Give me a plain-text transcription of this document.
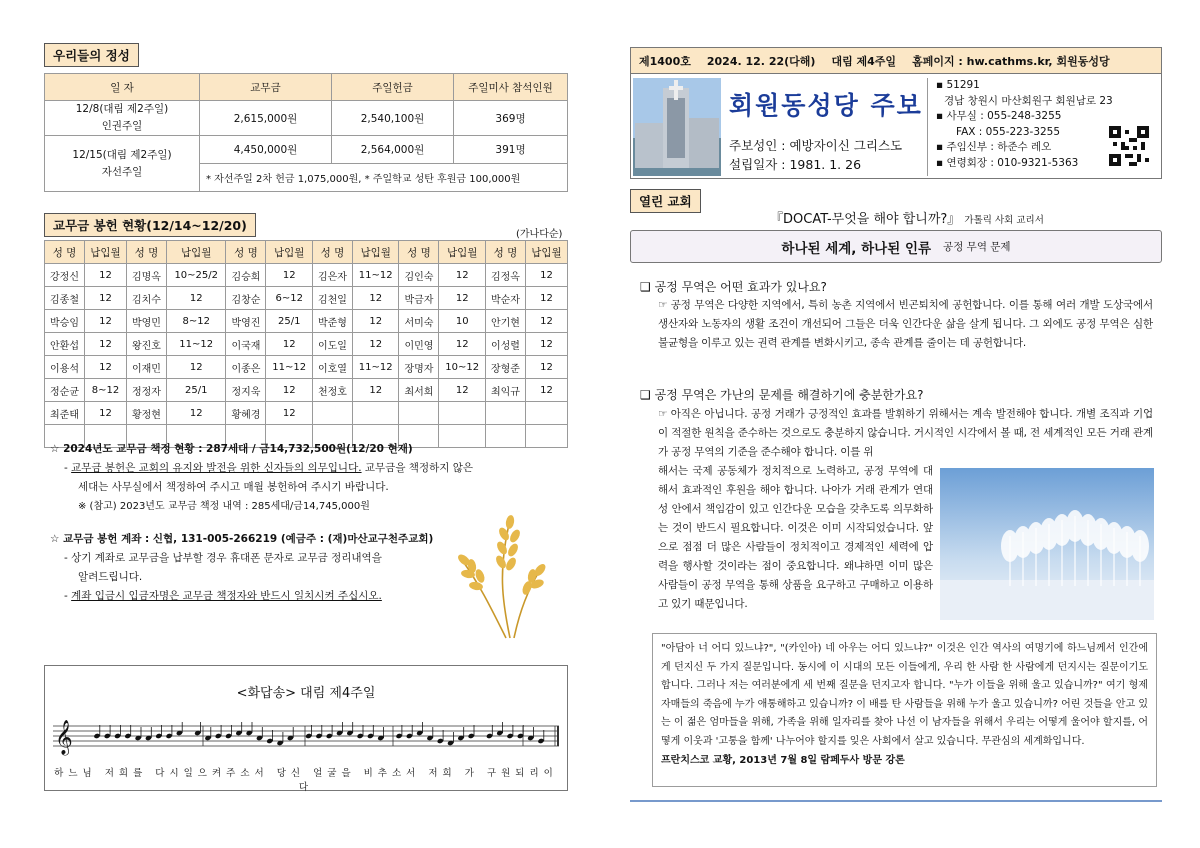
우리들의 정성
일 자	교무금	주일헌금	주일미사 참석인원

12/8(대림 제2주일)
인권주일	2,615,000원	2,540,100원	369명

12/15(대림 제2주일)
자선주일	4,450,000원	2,564,000원	391명
	* 자선주일 2차 헌금 1,075,000원, * 주일학교 성탄 후원금 100,000원		
교무금 봉헌 현황(12/14~12/20)
(가나다순)
성 명	납입월	성 명	납입월	성 명	납입월	성 명	납입월	성 명	납입월	성 명	납입월
강정신	12	김명옥	10~25/2	김승희	12	김은자	11~12	김인숙	12	김정옥	12
김종철	12	김치수	12	김창순	6~12	김천일	12	박금자	12	박순자	12
박승임	12	박영민	8~12	박영진	25/1	박준형	12	서미숙	10	안기현	12
안환섭	12	왕진호	11~12	이국재	12	이도일	12	이민영	12	이성렬	12
이용석	12	이재민	12	이종은	11~12	이호열	11~12	장명자	10~12	장형준	12
정순균	8~12	정정자	25/1	정지욱	12	천정호	12	최서희	12	최익규	12
최준태	12	황정현	12	황혜경	12						

☆ 2024년도 교무금 책정 현황 : 287세대 / 금14,732,500원(12/20 현재)
- 교무금 봉헌은 교회의 유지와 발전을 위한 신자들의 의무입니다. 교무금을 책정하지 않은
세대는 사무실에서 책정하여 주시고 매월 봉헌하여 주시기 바랍니다.
※ (참고) 2023년도 교무금 책정 내역 : 285세대/금14,745,000원
☆ 교무금 봉헌 계좌 : 신협, 131-005-266219 (예금주 : (재)마산교구천주교회)
- 상기 계좌로 교무금을 납부할 경우 휴대폰 문자로 교무금 정리내역을
알려드립니다.
- 계좌 입금시 입금자명은 교무금 책정자와 반드시 일치시켜 주십시오.
<화답송> 대림 제4주일
𝄞
하느님 저희를 다시일으켜주소서 당신 얼굴을 비추소서 저희 가 구원되리이 다
제1400호 2024. 12. 22(다해) 대림 제4주일 홈페이지 : hw.cathms.kr, 회원동성당
회원동성당 주보
주보성인 : 예방자이신 그리스도
설립일자 : 1981. 1. 26
▪ 51291
경남 창원시 마산회원구 회원남로 23
▪ 사무실 : 055-248-3255
FAX : 055-223-3255
▪ 주임신부 : 하준수 레오
▪ 연령회장 : 010-9321-5363
열린 교회
『DOCAT-무엇을 해야 합니까?』 가톨릭 사회 교리서
하나된 세계, 하나된 인류 공정 무역 문제
❑ 공정 무역은 어떤 효과가 있나요?
☞ 공정 무역은 다양한 지역에서, 특히 농촌 지역에서 빈곤퇴치에 공헌합니다. 이를 통해 여러 개발 도상국에서 생산자와 노동자의 생활 조건이 개선되어 그들은 더욱 인간다운 삶을 살게 됩니다. 그 외에도 공정 무역은 심한 불균형을 이루고 있는 권력 관계를 변화시키고, 종속 관계를 줄이는 데 공헌합니다.
❑ 공정 무역은 가난의 문제를 해결하기에 충분한가요?
☞ 아직은 아닙니다. 공정 거래가 긍정적인 효과를 발휘하기 위해서는 계속 발전해야 합니다. 개별 조직과 기업이 적절한 원칙을 준수하는 것으로도 충분하지 않습니다. 거시적인 시각에서 볼 때, 전 세계적인 모든 거래 관계가 공정 무역의 기준을 준수해야 합니다. 이를 위
해서는 국제 공동체가 정치적으로 노력하고, 공정 무역에 대해서 효과적인 후원을 해야 합니다. 나아가 거래 관계가 연대성 안에서 책임감이 있고 인간다운 모습을 갖추도록 의무화하는 것이 반드시 필요합니다. 이것은 이미 시작되었습니다. 앞으로 점점 더 많은 사람들이 정치적이고 경제적인 세력에 압력을 행사할 것이라는 점이 중요합니다. 왜냐하면 이미 많은 사람들이 공정 무역을 통해 상품을 요구하고 구매하고 이용하고 있기 때문입니다.
"아담아 너 어디 있느냐?", "(카인아) 네 아우는 어디 있느냐?" 이것은 인간 역사의 여명기에 하느님께서 인간에게 던지신 두 가지 질문입니다. 동시에 이 시대의 모든 이들에게, 우리 한 사람 한 사람에게 던지시는 질문이기도 합니다. 그러나 저는 여러분에게 세 번째 질문을 던지고자 합니다. "누가 이들을 위해 울고 있습니까?" 여기 형제자매들의 죽음에 누가 애통해하고 있습니까? 이 배를 탄 사람들을 위해 누가 울고 있습니까? 어린 것들을 안고 있는 이 젊은 엄마들을 위해, 가족을 위해 일자리를 찾아 나선 이 남자들을 위해서 우리는 어떻게 울어야 할지를, 어떻게 이웃과 '고통을 함께' 나누어야 할지를 잊은 사회에서 살고 있습니다. 무관심의 세계화입니다.
프란치스코 교황, 2013년 7월 8일 람페두사 방문 강론
